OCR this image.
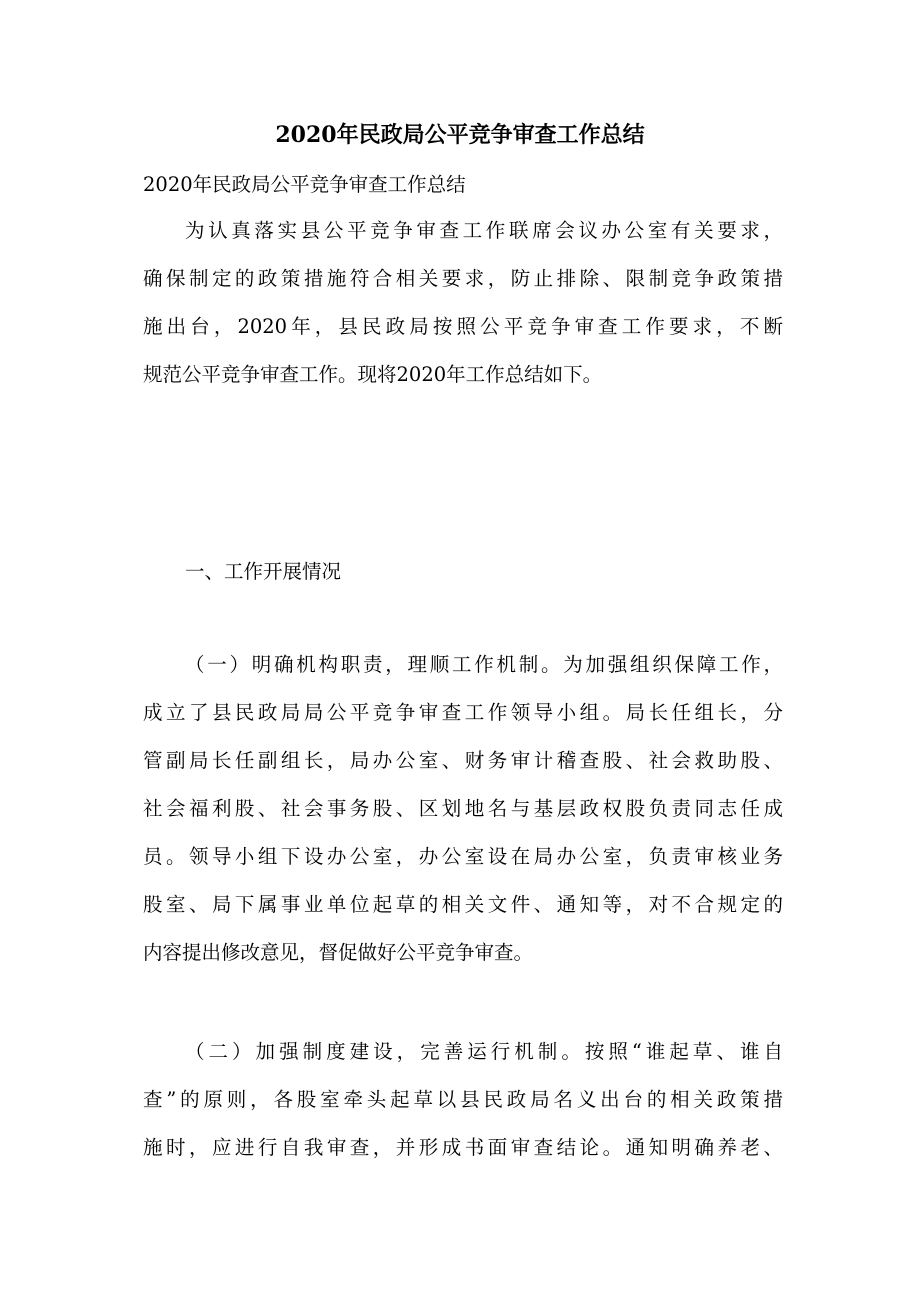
2020年民政局公平竞争审查工作总结
2020年民政局公平竞争审查工作总结
为认真落实县公平竞争审查工作联席会议办公室有关要求，
确保制定的政策措施符合相关要求，防止排除、限制竞争政策措
施出台，2020年，县民政局按照公平竞争审查工作要求，不断
规范公平竞争审查工作。现将2020年工作总结如下。
一、工作开展情况
（一）明确机构职责，理顺工作机制。为加强组织保障工作，
成立了县民政局局公平竞争审查工作领导小组。局长任组长，分
管副局长任副组长，局办公室、财务审计稽查股、社会救助股、
社会福利股、社会事务股、区划地名与基层政权股负责同志任成
员。领导小组下设办公室，办公室设在局办公室，负责审核业务
股室、局下属事业单位起草的相关文件、通知等，对不合规定的
内容提出修改意见，督促做好公平竞争审查。
（二）加强制度建设，完善运行机制。按照“谁起草、谁自
查”的原则，各股室牵头起草以县民政局名义出台的相关政策措
施时，应进行自我审查，并形成书面审查结论。通知明确养老、
